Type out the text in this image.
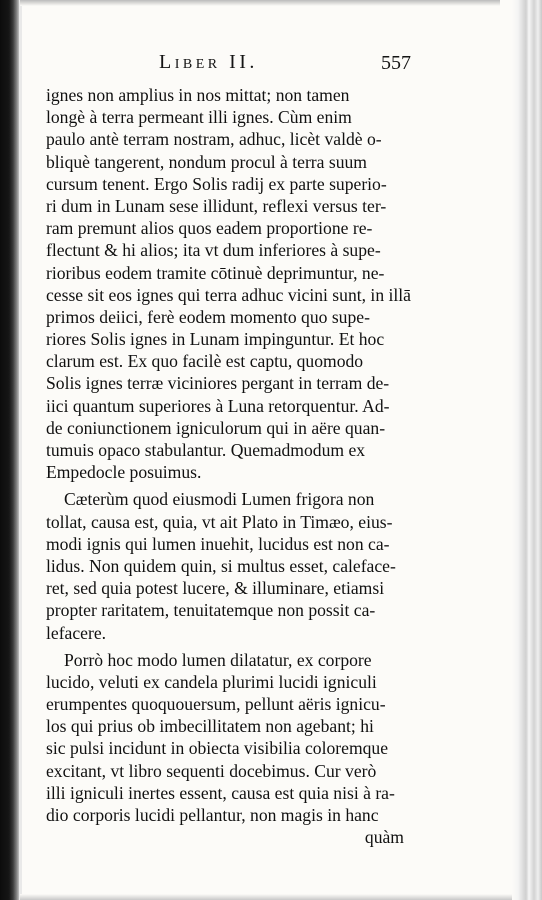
Liber II.	557
ignes non amplius in nos mittat; non tamen
longè à terra permeant illi ignes. Cùm enim
paulo antè terram nostram, adhuc, licèt valdè o-
bliquè tangerent, nondum procul à terra suum
cursum tenent. Ergo Solis radij ex parte superio-
ri dum in Lunam sese illidunt, reflexi versus ter-
ram premunt alios quos eadem proportione re-
flectunt & hi alios; ita vt dum inferiores à supe-
rioribus eodem tramite cōtinuè deprimuntur, ne-
cesse sit eos ignes qui terra adhuc vicini sunt, in illā
primos deiici, ferè eodem momento quo supe-
riores Solis ignes in Lunam impinguntur. Et hoc
clarum est. Ex quo facilè est captu, quomodo
Solis ignes terræ viciniores pergant in terram de-
iici quantum superiores à Luna retorquentur. Ad-
de coniunctionem igniculorum qui in aëre quan-
tumuis opaco stabulantur. Quemadmodum ex
Empedocle posuimus.
Cæterùm quod eiusmodi Lumen frigora non
tollat, causa est, quia, vt ait Plato in Timæo, eius-
modi ignis qui lumen inuehit, lucidus est non ca-
lidus. Non quidem quin, si multus esset, caleface-
ret, sed quia potest lucere, & illuminare, etiamsi
propter raritatem, tenuitatemque non possit ca-
lefacere.
Porrò hoc modo lumen dilatatur, ex corpore
lucido, veluti ex candela plurimi lucidi igniculi
erumpentes quoquouersum, pellunt aëris ignicu-
los qui prius ob imbecillitatem non agebant; hi
sic pulsi incidunt in obiecta visibilia coloremque
excitant, vt libro sequenti docebimus. Cur verò
illi igniculi inertes essent, causa est quia nisi à ra-
dio corporis lucidi pellantur, non magis in hanc
quàm
